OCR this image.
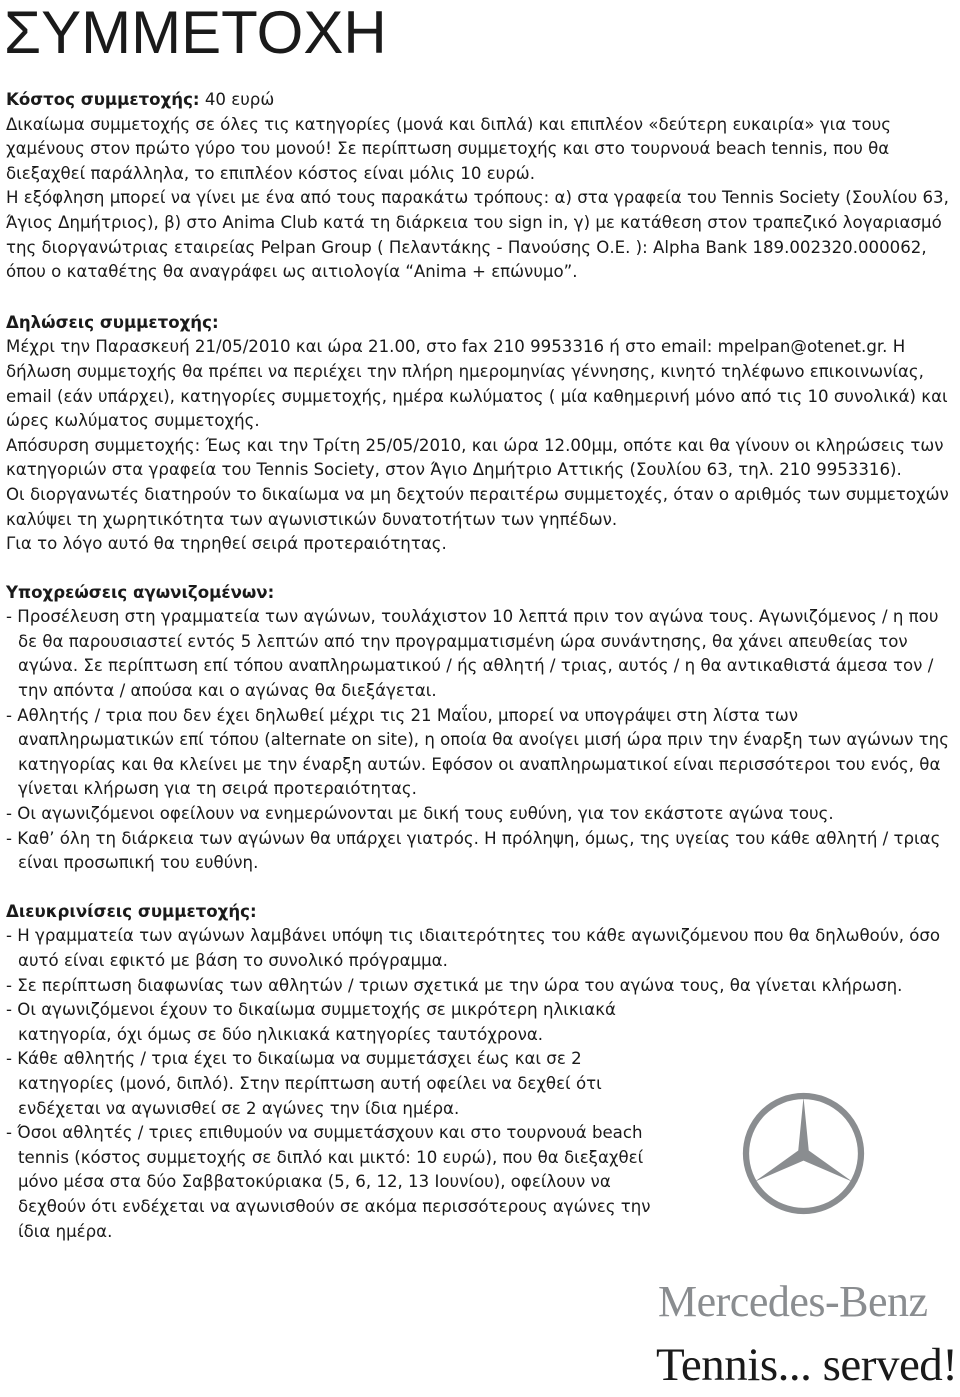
ΣΥΜΜΕΤΟΧΗ

Κόστος συμμετοχής: 40 ευρώ

Δικαίωμα συμμετοχής σε όλες τις κατηγορίες (μονά και διπλά) και επιπλέον «δεύτερη ευκαιρία» για τους χαμένους στον πρώτο γύρο του μονού! Σε περίπτωση συμμετοχής και στο τουρνουά beach tennis, που θα διεξαχθεί παράλληλα, το επιπλέον κόστος είναι μόλις 10 ευρώ.

Η εξόφληση μπορεί να γίνει με ένα από τους παρακάτω τρόπους: α) στα γραφεία του Tennis Society (Σουλίου 63, Άγιος Δημήτριος), β) στο Anima Club κατά τη διάρκεια του sign in, γ) με κατάθεση στον τραπεζικό λογαριασμό της διοργανώτριας εταιρείας Pelpan Group ( Πελαντάκης - Πανούσης Ο.Ε. ): Alpha Bank 189.002320.000062, όπου ο καταθέτης θα αναγράφει ως αιτιολογία “Anima + επώνυμο”.

Δηλώσεις συμμετοχής:

Μέχρι την Παρασκευή 21/05/2010 και ώρα 21.00, στο fax 210 9953316 ή στο email: mpelpan@otenet.gr. Η δήλωση συμμετοχής θα πρέπει να περιέχει την πλήρη ημερομηνίας γέννησης, κινητό τηλέφωνο επικοινωνίας, email (εάν υπάρχει), κατηγορίες συμμετοχής, ημέρα κωλύματος ( μία καθημερινή μόνο από τις 10 συνολικά) και ώρες κωλύματος συμμετοχής.

Απόσυρση συμμετοχής: Έως και την Τρίτη 25/05/2010, και ώρα 12.00μμ, οπότε και θα γίνουν οι κληρώσεις των κατηγοριών στα γραφεία του Tennis Society, στον Άγιο Δημήτριο Αττικής (Σουλίου 63, τηλ. 210 9953316).

Οι διοργανωτές διατηρούν το δικαίωμα να μη δεχτούν περαιτέρω συμμετοχές, όταν ο αριθμός των συμμετοχών καλύψει τη χωρητικότητα των αγωνιστικών δυνατοτήτων των γηπέδων.

Για το λόγο αυτό θα τηρηθεί σειρά προτεραιότητας.

Υποχρεώσεις αγωνιζομένων:

- Προσέλευση στη γραμματεία των αγώνων, τουλάχιστον 10 λεπτά πριν τον αγώνα τους. Αγωνιζόμενος / η που δε θα παρουσιαστεί εντός 5 λεπτών από την προγραμματισμένη ώρα συνάντησης, θα χάνει απευθείας τον αγώνα. Σε περίπτωση επί τόπου αναπληρωματικού / ής αθλητή / τριας, αυτός / η θα αντικαθιστά άμεσα τον / την απόντα / απούσα και ο αγώνας θα διεξάγεται.
- Αθλητής / τρια που δεν έχει δηλωθεί μέχρι τις 21 Μαΐου, μπορεί να υπογράψει στη λίστα των αναπληρωματικών επί τόπου (alternate on site), η οποία θα ανοίγει μισή ώρα πριν την έναρξη των αγώνων της κατηγορίας και θα κλείνει με την έναρξη αυτών. Εφόσον οι αναπληρωματικοί είναι περισσότεροι του ενός, θα γίνεται κλήρωση για τη σειρά προτεραιότητας.
- Οι αγωνιζόμενοι οφείλουν να ενημερώνονται με δική τους ευθύνη, για τον εκάστοτε αγώνα τους.
- Καθ’ όλη τη διάρκεια των αγώνων θα υπάρχει γιατρός. Η πρόληψη, όμως, της υγείας του κάθε αθλητή / τριας είναι προσωπική του ευθύνη.

Διευκρινίσεις συμμετοχής:

- Η γραμματεία των αγώνων λαμβάνει υπόψη τις ιδιαιτερότητες του κάθε αγωνιζόμενου που θα δηλωθούν, όσο αυτό είναι εφικτό με βάση το συνολικό πρόγραμμα.
- Σε περίπτωση διαφωνίας των αθλητών / τριων σχετικά με την ώρα του αγώνα τους, θα γίνεται κλήρωση.
- Οι αγωνιζόμενοι έχουν το δικαίωμα συμμετοχής σε μικρότερη ηλικιακά κατηγορία, όχι όμως σε δύο ηλικιακά κατηγορίες ταυτόχρονα.
- Κάθε αθλητής / τρια έχει το δικαίωμα να συμμετάσχει έως και σε 2 κατηγορίες (μονό, διπλό). Στην περίπτωση αυτή οφείλει να δεχθεί ότι ενδέχεται να αγωνισθεί σε 2 αγώνες την ίδια ημέρα.
- Όσοι αθλητές / τριες επιθυμούν να συμμετάσχουν και στο τουρνουά beach tennis (κόστος συμμετοχής σε διπλό και μικτό: 10 ευρώ), που θα διεξαχθεί μόνο μέσα στα δύο Σαββατοκύριακα (5, 6, 12, 13 Ιουνίου), οφείλουν να δεχθούν ότι ενδέχεται να αγωνισθούν σε ακόμα περισσότερους αγώνες την ίδια ημέρα.
Mercedes-Benz
Tennis... served!
